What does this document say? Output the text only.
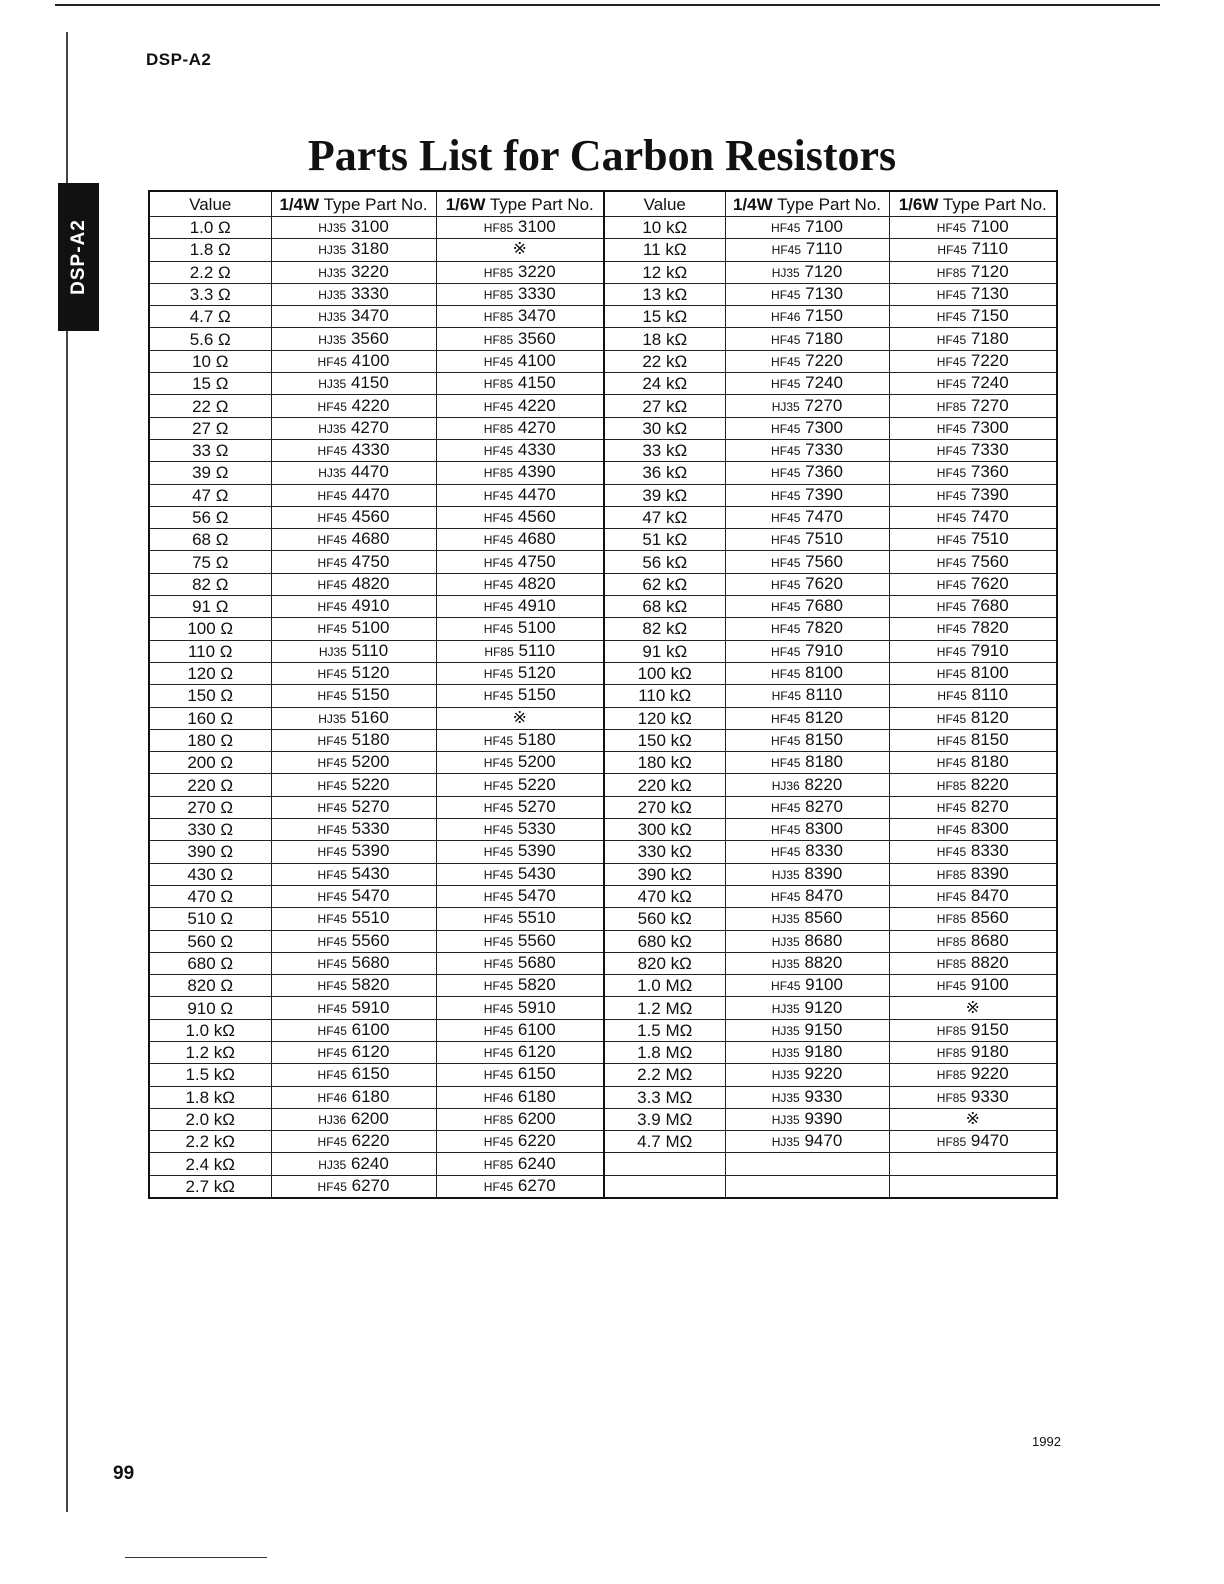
DSP-A2
DSP-A2
Parts List for Carbon Resistors
Value	1/4W Type Part No.	1/6W Type Part No.	Value	1/4W Type Part No.	1/6W Type Part No.
1.0 Ω	HJ35 3100	HF85 3100	10 kΩ	HF45 7100	HF45 7100
1.8 Ω	HJ35 3180	※	11 kΩ	HF45 7110	HF45 7110
2.2 Ω	HJ35 3220	HF85 3220	12 kΩ	HJ35 7120	HF85 7120
3.3 Ω	HJ35 3330	HF85 3330	13 kΩ	HF45 7130	HF45 7130
4.7 Ω	HJ35 3470	HF85 3470	15 kΩ	HF46 7150	HF45 7150
5.6 Ω	HJ35 3560	HF85 3560	18 kΩ	HF45 7180	HF45 7180
10 Ω	HF45 4100	HF45 4100	22 kΩ	HF45 7220	HF45 7220
15 Ω	HJ35 4150	HF85 4150	24 kΩ	HF45 7240	HF45 7240
22 Ω	HF45 4220	HF45 4220	27 kΩ	HJ35 7270	HF85 7270
27 Ω	HJ35 4270	HF85 4270	30 kΩ	HF45 7300	HF45 7300
33 Ω	HF45 4330	HF45 4330	33 kΩ	HF45 7330	HF45 7330
39 Ω	HJ35 4470	HF85 4390	36 kΩ	HF45 7360	HF45 7360
47 Ω	HF45 4470	HF45 4470	39 kΩ	HF45 7390	HF45 7390
56 Ω	HF45 4560	HF45 4560	47 kΩ	HF45 7470	HF45 7470
68 Ω	HF45 4680	HF45 4680	51 kΩ	HF45 7510	HF45 7510
75 Ω	HF45 4750	HF45 4750	56 kΩ	HF45 7560	HF45 7560
82 Ω	HF45 4820	HF45 4820	62 kΩ	HF45 7620	HF45 7620
91 Ω	HF45 4910	HF45 4910	68 kΩ	HF45 7680	HF45 7680
100 Ω	HF45 5100	HF45 5100	82 kΩ	HF45 7820	HF45 7820
110 Ω	HJ35 5110	HF85 5110	91 kΩ	HF45 7910	HF45 7910
120 Ω	HF45 5120	HF45 5120	100 kΩ	HF45 8100	HF45 8100
150 Ω	HF45 5150	HF45 5150	110 kΩ	HF45 8110	HF45 8110
160 Ω	HJ35 5160	※	120 kΩ	HF45 8120	HF45 8120
180 Ω	HF45 5180	HF45 5180	150 kΩ	HF45 8150	HF45 8150
200 Ω	HF45 5200	HF45 5200	180 kΩ	HF45 8180	HF45 8180
220 Ω	HF45 5220	HF45 5220	220 kΩ	HJ36 8220	HF85 8220
270 Ω	HF45 5270	HF45 5270	270 kΩ	HF45 8270	HF45 8270
330 Ω	HF45 5330	HF45 5330	300 kΩ	HF45 8300	HF45 8300
390 Ω	HF45 5390	HF45 5390	330 kΩ	HF45 8330	HF45 8330
430 Ω	HF45 5430	HF45 5430	390 kΩ	HJ35 8390	HF85 8390
470 Ω	HF45 5470	HF45 5470	470 kΩ	HF45 8470	HF45 8470
510 Ω	HF45 5510	HF45 5510	560 kΩ	HJ35 8560	HF85 8560
560 Ω	HF45 5560	HF45 5560	680 kΩ	HJ35 8680	HF85 8680
680 Ω	HF45 5680	HF45 5680	820 kΩ	HJ35 8820	HF85 8820
820 Ω	HF45 5820	HF45 5820	1.0 MΩ	HF45 9100	HF45 9100
910 Ω	HF45 5910	HF45 5910	1.2 MΩ	HJ35 9120	※
1.0 kΩ	HF45 6100	HF45 6100	1.5 MΩ	HJ35 9150	HF85 9150
1.2 kΩ	HF45 6120	HF45 6120	1.8 MΩ	HJ35 9180	HF85 9180
1.5 kΩ	HF45 6150	HF45 6150	2.2 MΩ	HJ35 9220	HF85 9220
1.8 kΩ	HF46 6180	HF46 6180	3.3 MΩ	HJ35 9330	HF85 9330
2.0 kΩ	HJ36 6200	HF85 6200	3.9 MΩ	HJ35 9390	※
2.2 kΩ	HF45 6220	HF45 6220	4.7 MΩ	HJ35 9470	HF85 9470
2.4 kΩ	HJ35 6240	HF85 6240			
2.7 kΩ	HF45 6270	HF45 6270			
1992
99
